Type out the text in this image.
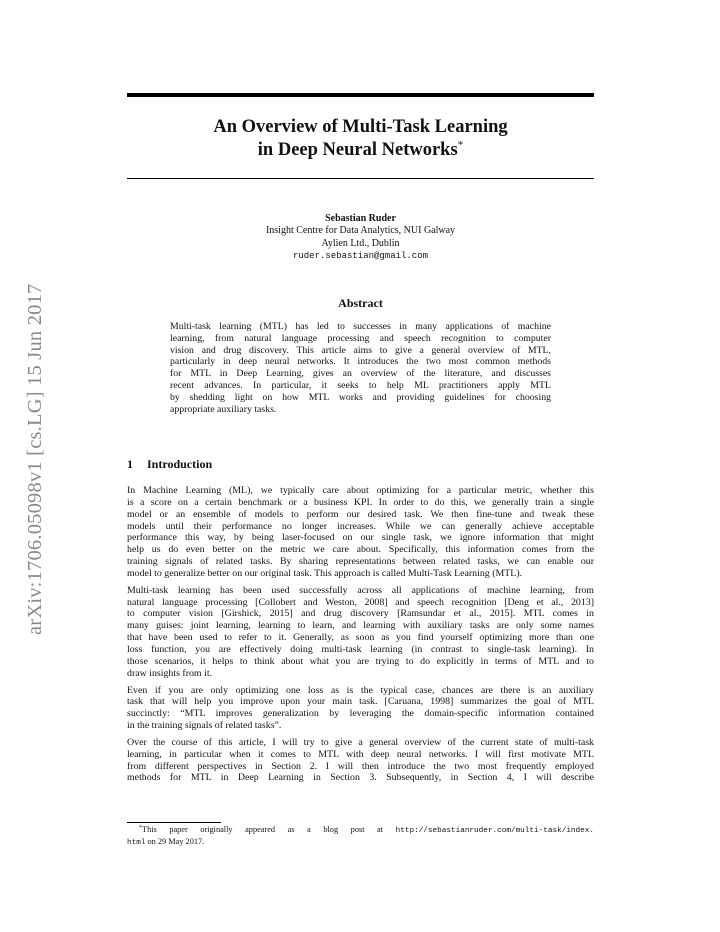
arXiv:1706.05098v1 [cs.LG] 15 Jun 2017
An Overview of Multi-Task Learning
in Deep Neural Networks*
Sebastian Ruder
Insight Centre for Data Analytics, NUI Galway
Aylien Ltd., Dublin
ruder.sebastian@gmail.com
Abstract
Multi-task learning (MTL) has led to successes in many applications of machine
learning, from natural language processing and speech recognition to computer
vision and drug discovery. This article aims to give a general overview of MTL,
particularly in deep neural networks. It introduces the two most common methods
for MTL in Deep Learning, gives an overview of the literature, and discusses
recent advances. In particular, it seeks to help ML practitioners apply MTL
by shedding light on how MTL works and providing guidelines for choosing
appropriate auxiliary tasks.
1 Introduction
In Machine Learning (ML), we typically care about optimizing for a particular metric, whether this
is a score on a certain benchmark or a business KPI. In order to do this, we generally train a single
model or an ensemble of models to perform our desired task. We then fine-tune and tweak these
models until their performance no longer increases. While we can generally achieve acceptable
performance this way, by being laser-focused on our single task, we ignore information that might
help us do even better on the metric we care about. Specifically, this information comes from the
training signals of related tasks. By sharing representations between related tasks, we can enable our
model to generalize better on our original task. This approach is called Multi-Task Learning (MTL).
Multi-task learning has been used successfully across all applications of machine learning, from
natural language processing [Collobert and Weston, 2008] and speech recognition [Deng et al., 2013]
to computer vision [Girshick, 2015] and drug discovery [Ramsundar et al., 2015]. MTL comes in
many guises: joint learning, learning to learn, and learning with auxiliary tasks are only some names
that have been used to refer to it. Generally, as soon as you find yourself optimizing more than one
loss function, you are effectively doing multi-task learning (in contrast to single-task learning). In
those scenarios, it helps to think about what you are trying to do explicitly in terms of MTL and to
draw insights from it.
Even if you are only optimizing one loss as is the typical case, chances are there is an auxiliary
task that will help you improve upon your main task. [Caruana, 1998] summarizes the goal of MTL
succinctly: “MTL improves generalization by leveraging the domain-specific information contained
in the training signals of related tasks”.
Over the course of this article, I will try to give a general overview of the current state of multi-task
learning, in particular when it comes to MTL with deep neural networks. I will first motivate MTL
from different perspectives in Section 2. I will then introduce the two most frequently employed
methods for MTL in Deep Learning in Section 3. Subsequently, in Section 4, I will describe
*This paper originally appeared as a blog post at http://sebastianruder.com/multi-task/index.
html on 29 May 2017.
